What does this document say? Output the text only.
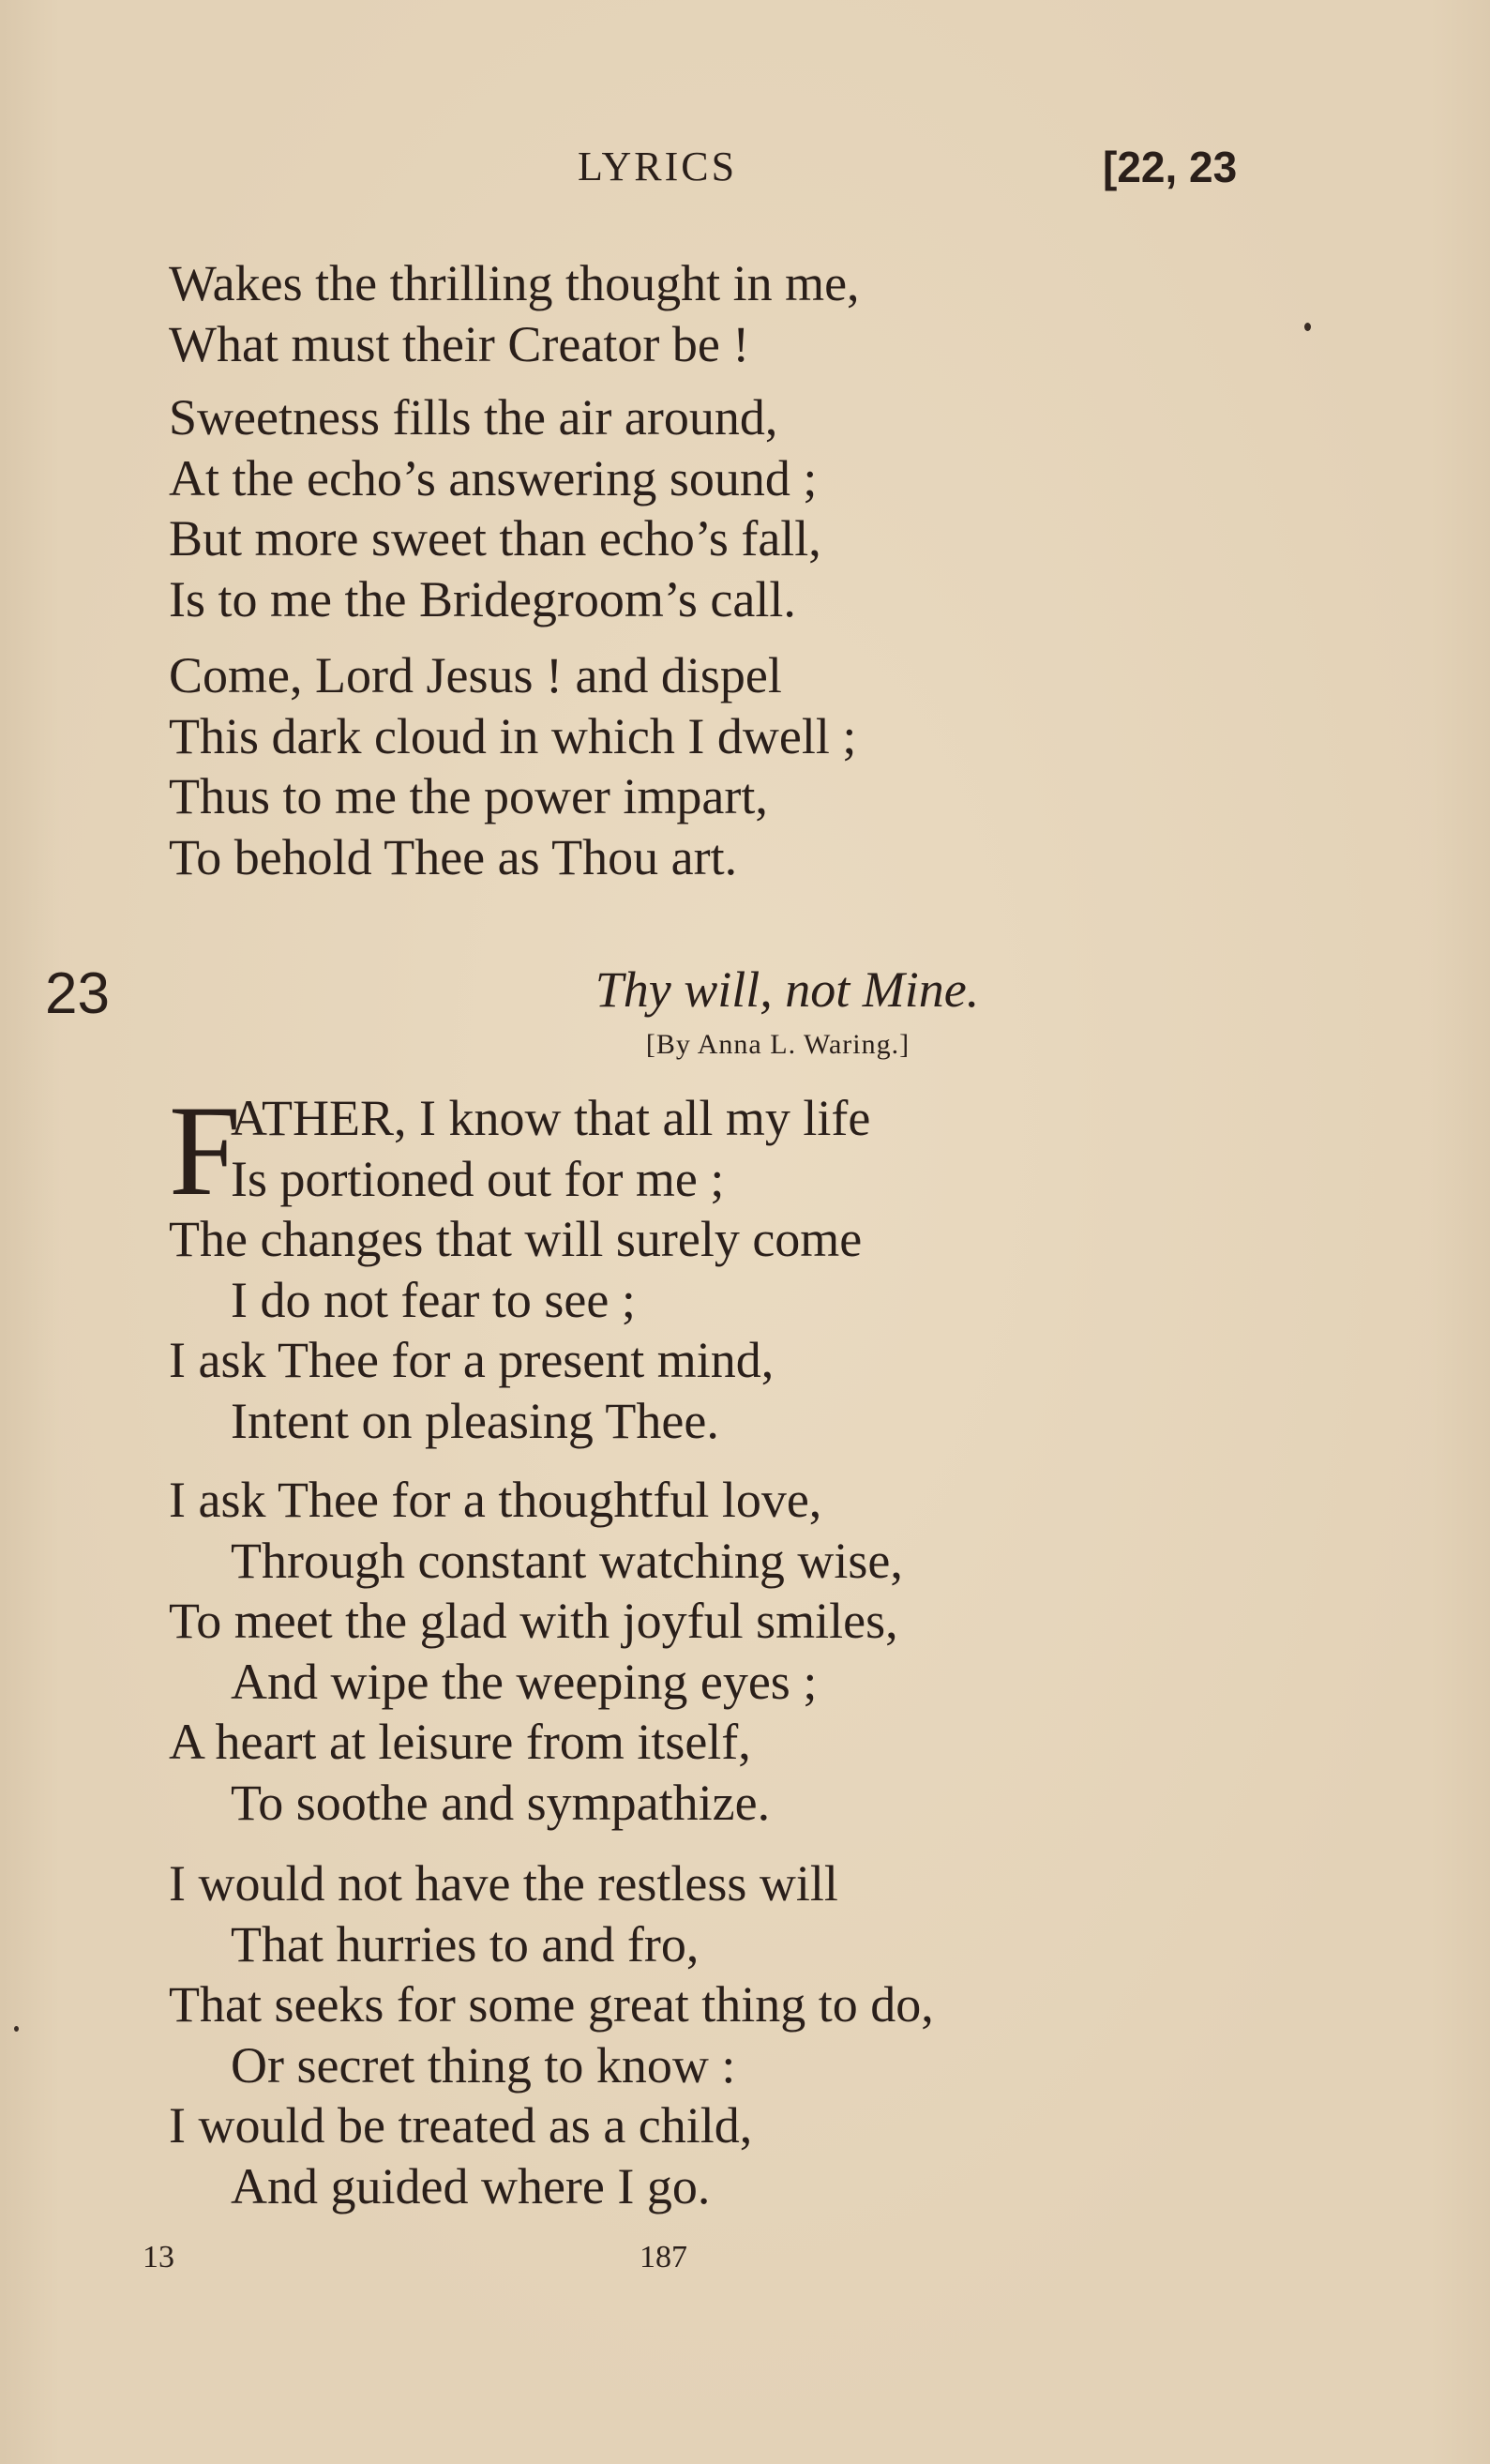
LYRICS	[22, 23
Wakes the thrilling thought in me,
What must their Creator be !
Sweetness fills the air around,
At the echo’s answering sound ;
But more sweet than echo’s fall,
Is to me the Bridegroom’s call.
Come, Lord Jesus ! and dispel
This dark cloud in which I dwell ;
Thus to me the power impart,
To behold Thee as Thou art.
23	Thy will, not Mine.
[By Anna L. Waring.]
F
ATHER, I know that all my life
Is portioned out for me ;
The changes that will surely come
I do not fear to see ;
I ask Thee for a present mind,
Intent on pleasing Thee.
I ask Thee for a thoughtful love,
Through constant watching wise,
To meet the glad with joyful smiles,
And wipe the weeping eyes ;
A heart at leisure from itself,
To soothe and sympathize.
I would not have the restless will
That hurries to and fro,
That seeks for some great thing to do,
Or secret thing to know :
I would be treated as a child,
And guided where I go.
13	187
